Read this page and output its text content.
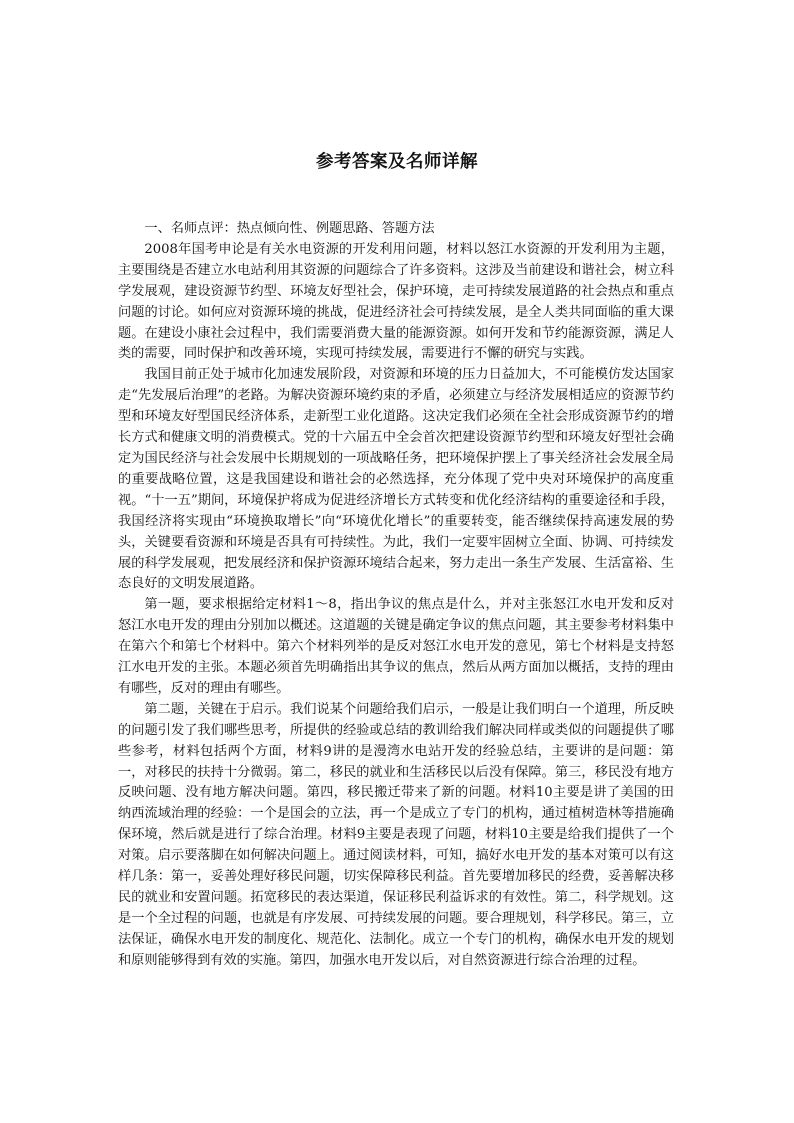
参考答案及名师详解
一、名师点评：热点倾向性、例题思路、答题方法

2008年国考申论是有关水电资源的开发利用问题，材料以怒江水资源的开发利用为主题，主要围绕是否建立水电站利用其资源的问题综合了许多资料。这涉及当前建设和谐社会，树立科学发展观，建设资源节约型、环境友好型社会，保护环境，走可持续发展道路的社会热点和重点问题的讨论。如何应对资源环境的挑战，促进经济社会可持续发展，是全人类共同面临的重大课题。在建设小康社会过程中，我们需要消费大量的能源资源。如何开发和节约能源资源，满足人类的需要，同时保护和改善环境，实现可持续发展，需要进行不懈的研究与实践。

我国目前正处于城市化加速发展阶段，对资源和环境的压力日益加大，不可能模仿发达国家走“先发展后治理”的老路。为解决资源环境约束的矛盾，必须建立与经济发展相适应的资源节约型和环境友好型国民经济体系，走新型工业化道路。这决定我们必须在全社会形成资源节约的增长方式和健康文明的消费模式。党的十六届五中全会首次把建设资源节约型和环境友好型社会确定为国民经济与社会发展中长期规划的一项战略任务，把环境保护摆上了事关经济社会发展全局的重要战略位置，这是我国建设和谐社会的必然选择，充分体现了党中央对环境保护的高度重视。“十一五”期间，环境保护将成为促进经济增长方式转变和优化经济结构的重要途径和手段，我国经济将实现由“环境换取增长”向“环境优化增长”的重要转变，能否继续保持高速发展的势头，关键要看资源和环境是否具有可持续性。为此，我们一定要牢固树立全面、协调、可持续发展的科学发展观，把发展经济和保护资源环境结合起来，努力走出一条生产发展、生活富裕、生态良好的文明发展道路。

第一题，要求根据给定材料1～8，指出争议的焦点是什么，并对主张怒江水电开发和反对怒江水电开发的理由分别加以概述。这道题的关键是确定争议的焦点问题，其主要参考材料集中在第六个和第七个材料中。第六个材料列举的是反对怒江水电开发的意见，第七个材料是支持怒江水电开发的主张。本题必须首先明确指出其争议的焦点，然后从两方面加以概括，支持的理由有哪些，反对的理由有哪些。

第二题，关键在于启示。我们说某个问题给我们启示，一般是让我们明白一个道理，所反映的问题引发了我们哪些思考，所提供的经验或总结的教训给我们解决同样或类似的问题提供了哪些参考，材料包括两个方面，材料9讲的是漫湾水电站开发的经验总结，主要讲的是问题：第一，对移民的扶持十分微弱。第二，移民的就业和生活移民以后没有保障。第三，移民没有地方反映问题、没有地方解决问题。第四，移民搬迁带来了新的问题。材料10主要是讲了美国的田纳西流域治理的经验：一个是国会的立法，再一个是成立了专门的机构，通过植树造林等措施确保环境，然后就是进行了综合治理。材料9主要是表现了问题，材料10主要是给我们提供了一个对策。启示要落脚在如何解决问题上。通过阅读材料，可知，搞好水电开发的基本对策可以有这样几条：第一，妥善处理好移民问题，切实保障移民利益。首先要增加移民的经费，妥善解决移民的就业和安置问题。拓宽移民的表达渠道，保证移民利益诉求的有效性。第二，科学规划。这是一个全过程的问题，也就是有序发展、可持续发展的问题。要合理规划，科学移民。第三，立法保证，确保水电开发的制度化、规范化、法制化。成立一个专门的机构，确保水电开发的规划和原则能够得到有效的实施。第四，加强水电开发以后，对自然资源进行综合治理的过程。
